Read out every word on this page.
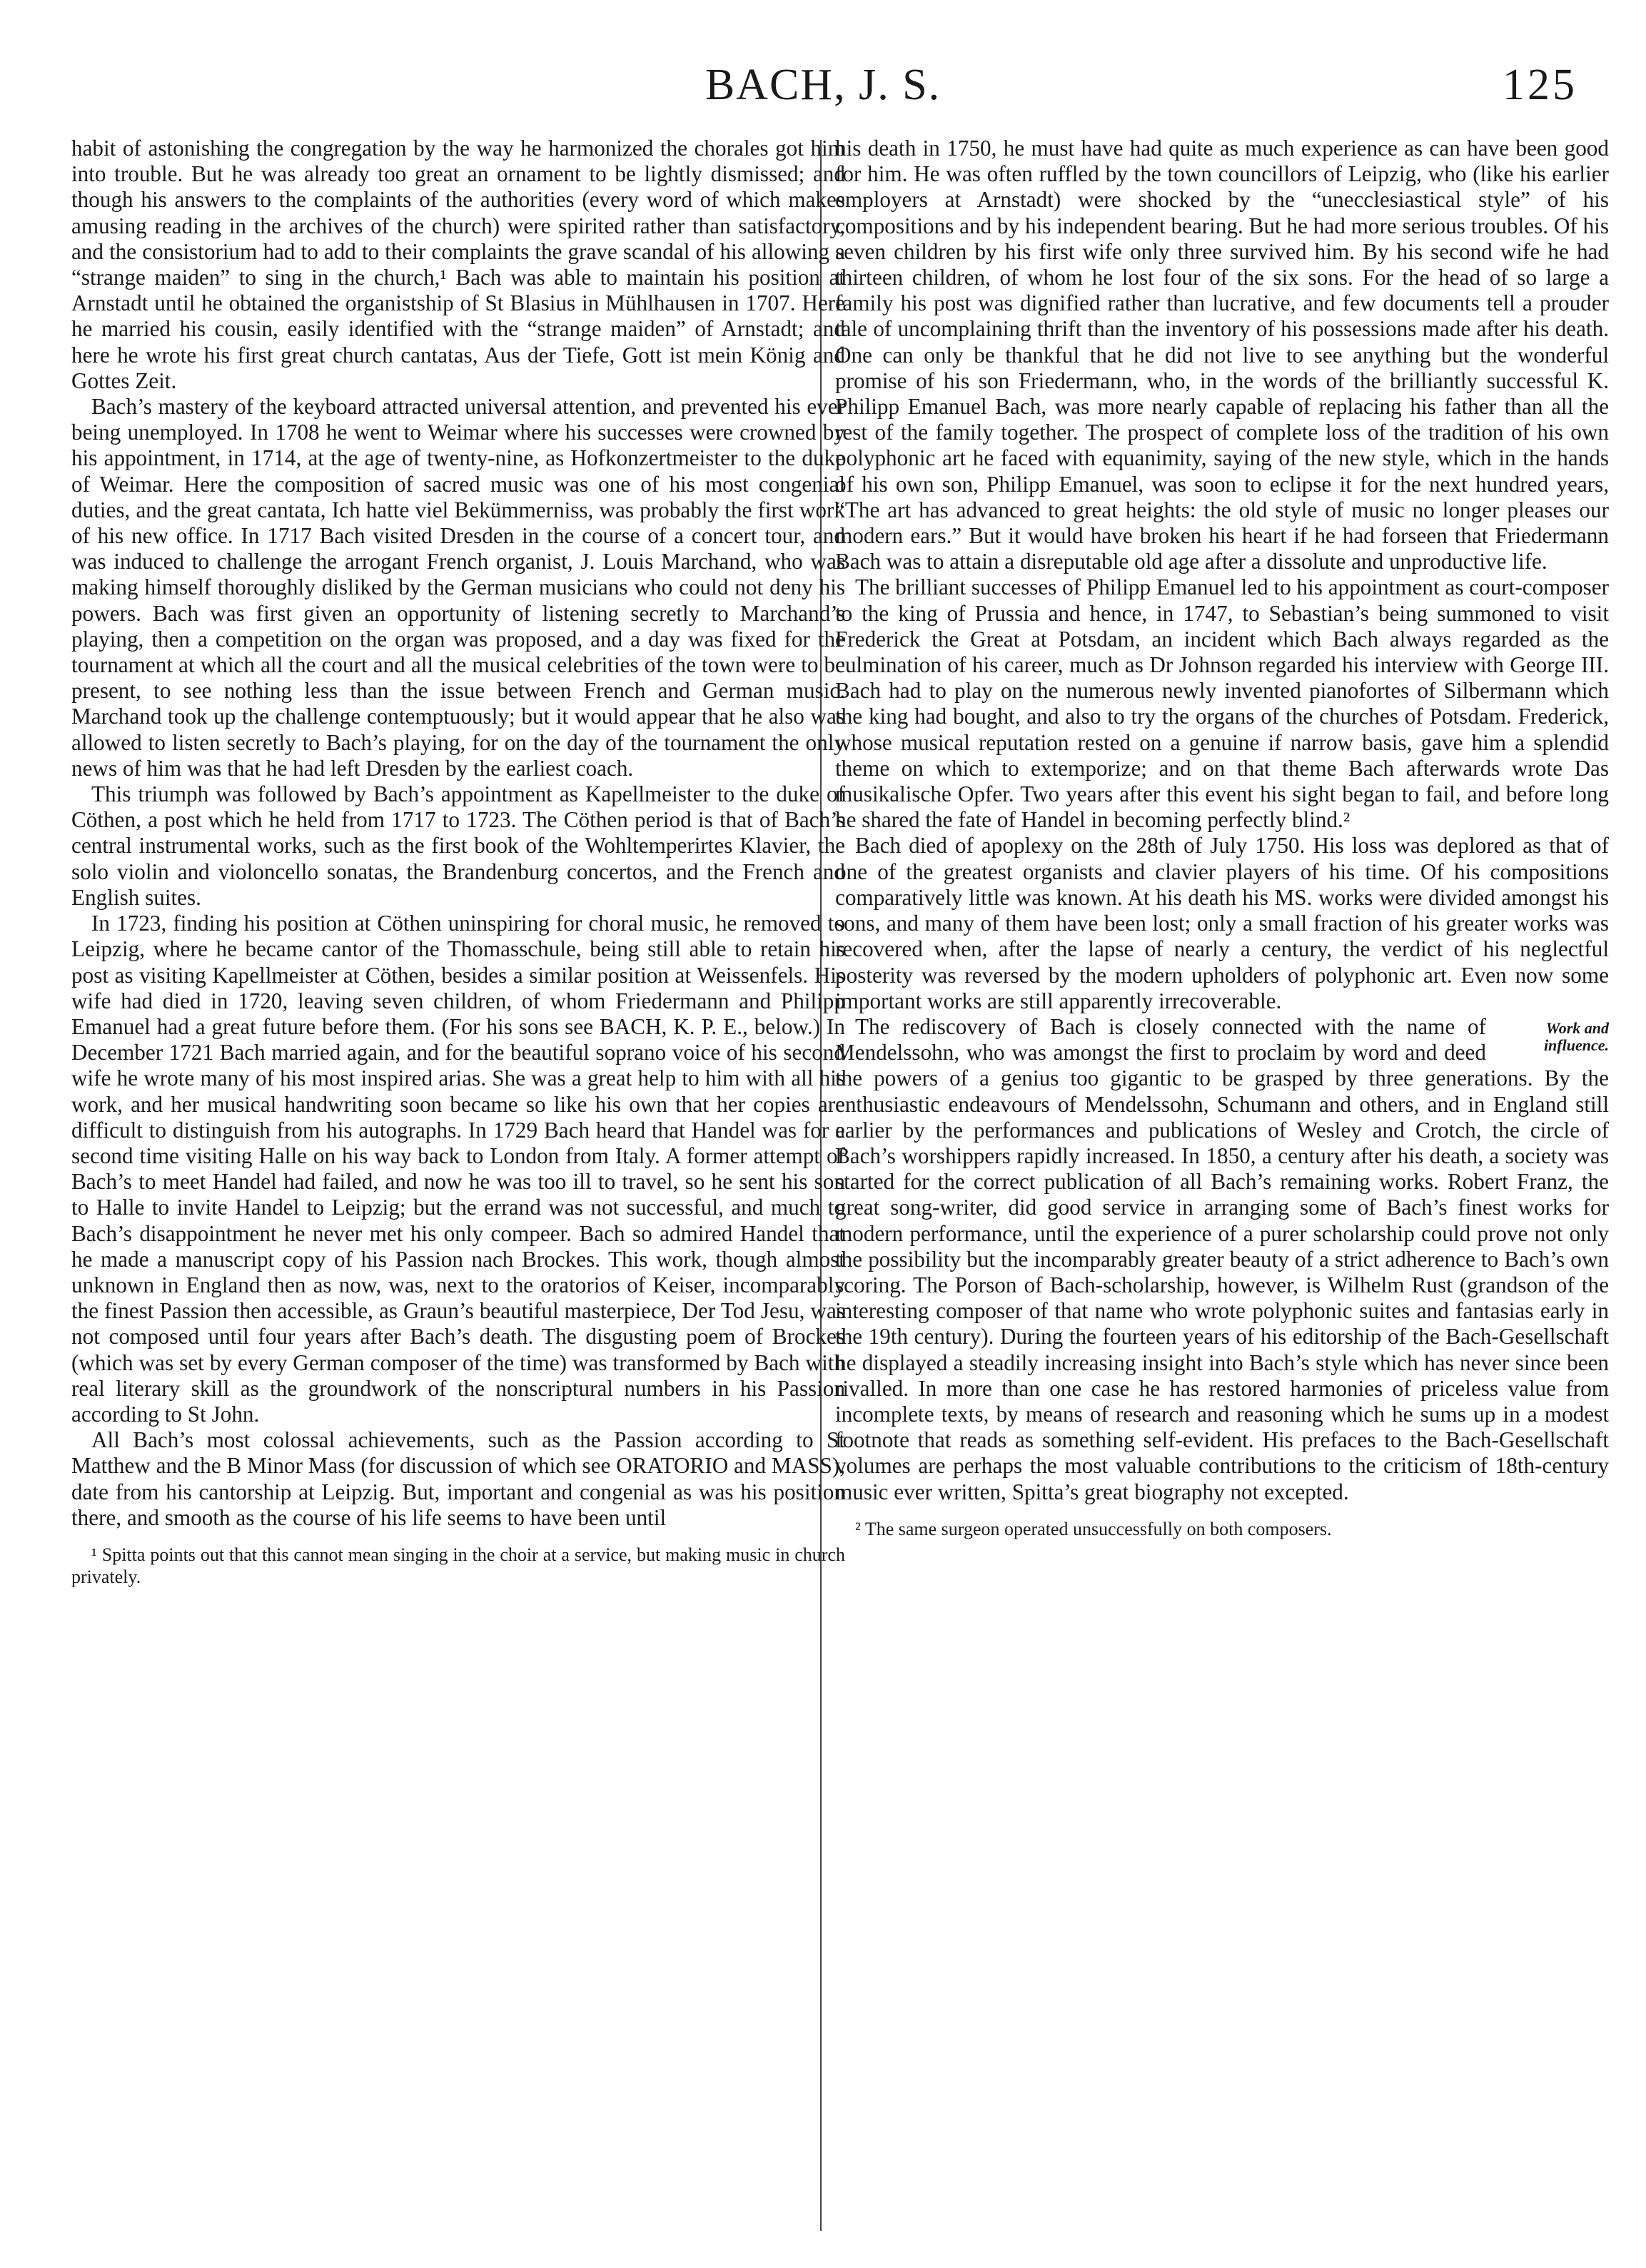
BACH, J. S.	125

habit of astonishing the congregation by the way he harmonized the chorales got him into trouble. But he was already too great an ornament to be lightly dismissed; and though his answers to the complaints of the authorities (every word of which makes amusing reading in the archives of the church) were spirited rather than satisfactory, and the consistorium had to add to their complaints the grave scandal of his allowing a “strange maiden” to sing in the church,¹ Bach was able to maintain his position at Arnstadt until he obtained the organistship of St Blasius in Mühlhausen in 1707. Here he married his cousin, easily identified with the “strange maiden” of Arnstadt; and here he wrote his first great church cantatas, Aus der Tiefe, Gott ist mein König and Gottes Zeit.

Bach’s mastery of the keyboard attracted universal attention, and prevented his ever being unemployed. In 1708 he went to Weimar where his successes were crowned by his appointment, in 1714, at the age of twenty-nine, as Hofkonzertmeister to the duke of Weimar. Here the composition of sacred music was one of his most congenial duties, and the great cantata, Ich hatte viel Bekümmerniss, was probably the first work of his new office. In 1717 Bach visited Dresden in the course of a concert tour, and was induced to challenge the arrogant French organist, J. Louis Marchand, who was making himself thoroughly disliked by the German musicians who could not deny his powers. Bach was first given an opportunity of listening secretly to Marchand’s playing, then a competition on the organ was proposed, and a day was fixed for the tournament at which all the court and all the musical celebrities of the town were to be present, to see nothing less than the issue between French and German music. Marchand took up the challenge contemptuously; but it would appear that he also was allowed to listen secretly to Bach’s playing, for on the day of the tournament the only news of him was that he had left Dresden by the earliest coach.

This triumph was followed by Bach’s appointment as Kapellmeister to the duke of Cöthen, a post which he held from 1717 to 1723. The Cöthen period is that of Bach’s central instrumental works, such as the first book of the Wohltemperirtes Klavier, the solo violin and violoncello sonatas, the Brandenburg concertos, and the French and English suites.

In 1723, finding his position at Cöthen uninspiring for choral music, he removed to Leipzig, where he became cantor of the Thomasschule, being still able to retain his post as visiting Kapellmeister at Cöthen, besides a similar position at Weissenfels. His wife had died in 1720, leaving seven children, of whom Friedermann and Philipp Emanuel had a great future before them. (For his sons see BACH, K. P. E., below.) In December 1721 Bach married again, and for the beautiful soprano voice of his second wife he wrote many of his most inspired arias. She was a great help to him with all his work, and her musical handwriting soon became so like his own that her copies are difficult to distinguish from his autographs. In 1729 Bach heard that Handel was for a second time visiting Halle on his way back to London from Italy. A former attempt of Bach’s to meet Handel had failed, and now he was too ill to travel, so he sent his son to Halle to invite Handel to Leipzig; but the errand was not successful, and much to Bach’s disappointment he never met his only compeer. Bach so admired Handel that he made a manuscript copy of his Passion nach Brockes. This work, though almost unknown in England then as now, was, next to the oratorios of Keiser, incomparably the finest Passion then accessible, as Graun’s beautiful masterpiece, Der Tod Jesu, was not composed until four years after Bach’s death. The disgusting poem of Brockes (which was set by every German composer of the time) was transformed by Bach with real literary skill as the groundwork of the nonscriptural numbers in his Passion according to St John.

All Bach’s most colossal achievements, such as the Passion according to St Matthew and the B Minor Mass (for discussion of which see ORATORIO and MASS), date from his cantorship at Leipzig. But, important and congenial as was his position there, and smooth as the course of his life seems to have been until

¹ Spitta points out that this cannot mean singing in the choir at a service, but making music in church privately.

his death in 1750, he must have had quite as much experience as can have been good for him. He was often ruffled by the town councillors of Leipzig, who (like his earlier employers at Arnstadt) were shocked by the “unecclesiastical style” of his compositions and by his independent bearing. But he had more serious troubles. Of his seven children by his first wife only three survived him. By his second wife he had thirteen children, of whom he lost four of the six sons. For the head of so large a family his post was dignified rather than lucrative, and few documents tell a prouder tale of uncomplaining thrift than the inventory of his possessions made after his death. One can only be thankful that he did not live to see anything but the wonderful promise of his son Friedermann, who, in the words of the brilliantly successful K. Philipp Emanuel Bach, was more nearly capable of replacing his father than all the rest of the family together. The prospect of complete loss of the tradition of his own polyphonic art he faced with equanimity, saying of the new style, which in the hands of his own son, Philipp Emanuel, was soon to eclipse it for the next hundred years, “The art has advanced to great heights: the old style of music no longer pleases our modern ears.” But it would have broken his heart if he had forseen that Friedermann Bach was to attain a disreputable old age after a dissolute and unproductive life.

The brilliant successes of Philipp Emanuel led to his appointment as court-composer to the king of Prussia and hence, in 1747, to Sebastian’s being summoned to visit Frederick the Great at Potsdam, an incident which Bach always regarded as the culmination of his career, much as Dr Johnson regarded his interview with George III. Bach had to play on the numerous newly invented pianofortes of Silbermann which the king had bought, and also to try the organs of the churches of Potsdam. Frederick, whose musical reputation rested on a genuine if narrow basis, gave him a splendid theme on which to extemporize; and on that theme Bach afterwards wrote Das musikalische Opfer. Two years after this event his sight began to fail, and before long he shared the fate of Handel in becoming perfectly blind.²

Bach died of apoplexy on the 28th of July 1750. His loss was deplored as that of one of the greatest organists and clavier players of his time. Of his compositions comparatively little was known. At his death his MS. works were divided amongst his sons, and many of them have been lost; only a small fraction of his greater works was recovered when, after the lapse of nearly a century, the verdict of his neglectful posterity was reversed by the modern upholders of polyphonic art. Even now some important works are still apparently irrecoverable.

Work and influence.

The rediscovery of Bach is closely connected with the name of Mendelssohn, who was amongst the first to proclaim by word and deed the powers of a genius too gigantic to be grasped by three generations. By the enthusiastic endeavours of Mendelssohn, Schumann and others, and in England still earlier by the performances and publications of Wesley and Crotch, the circle of Bach’s worshippers rapidly increased. In 1850, a century after his death, a society was started for the correct publication of all Bach’s remaining works. Robert Franz, the great song-writer, did good service in arranging some of Bach’s finest works for modern performance, until the experience of a purer scholarship could prove not only the possibility but the incomparably greater beauty of a strict adherence to Bach’s own scoring. The Porson of Bach-scholarship, however, is Wilhelm Rust (grandson of the interesting composer of that name who wrote polyphonic suites and fantasias early in the 19th century). During the fourteen years of his editorship of the Bach-Gesellschaft he displayed a steadily increasing insight into Bach’s style which has never since been rivalled. In more than one case he has restored harmonies of priceless value from incomplete texts, by means of research and reasoning which he sums up in a modest footnote that reads as something self-evident. His prefaces to the Bach-Gesellschaft volumes are perhaps the most valuable contributions to the criticism of 18th-century music ever written, Spitta’s great biography not excepted.

² The same surgeon operated unsuccessfully on both composers.
